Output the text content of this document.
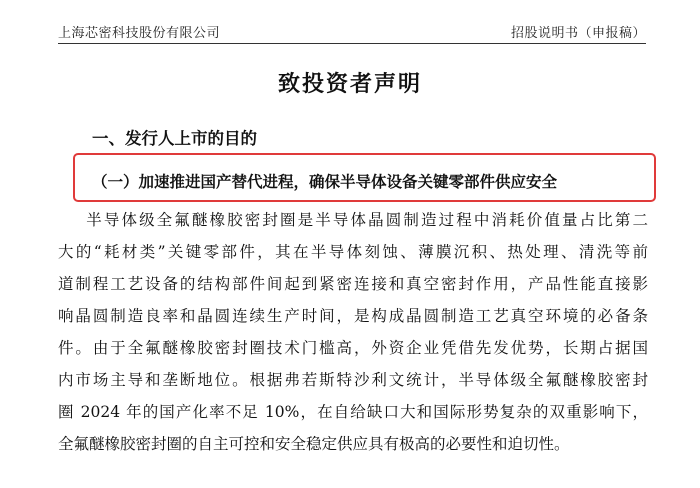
上海芯密科技股份有限公司	招股说明书（申报稿）
致投资者声明
一、发行人上市的目的
（一）加速推进国产替代进程，确保半导体设备关键零部件供应安全
半导体级全氟醚橡胶密封圈是半导体晶圆制造过程中消耗价值量占比第二
大的“耗材类”关键零部件，其在半导体刻蚀、薄膜沉积、热处理、清洗等前
道制程工艺设备的结构部件间起到紧密连接和真空密封作用，产品性能直接影
响晶圆制造良率和晶圆连续生产时间，是构成晶圆制造工艺真空环境的必备条
件。由于全氟醚橡胶密封圈技术门槛高，外资企业凭借先发优势，长期占据国
内市场主导和垄断地位。根据弗若斯特沙利文统计，半导体级全氟醚橡胶密封
圈 2024 年的国产化率不足 10%，在自给缺口大和国际形势复杂的双重影响下，
全氟醚橡胶密封圈的自主可控和安全稳定供应具有极高的必要性和迫切性。
